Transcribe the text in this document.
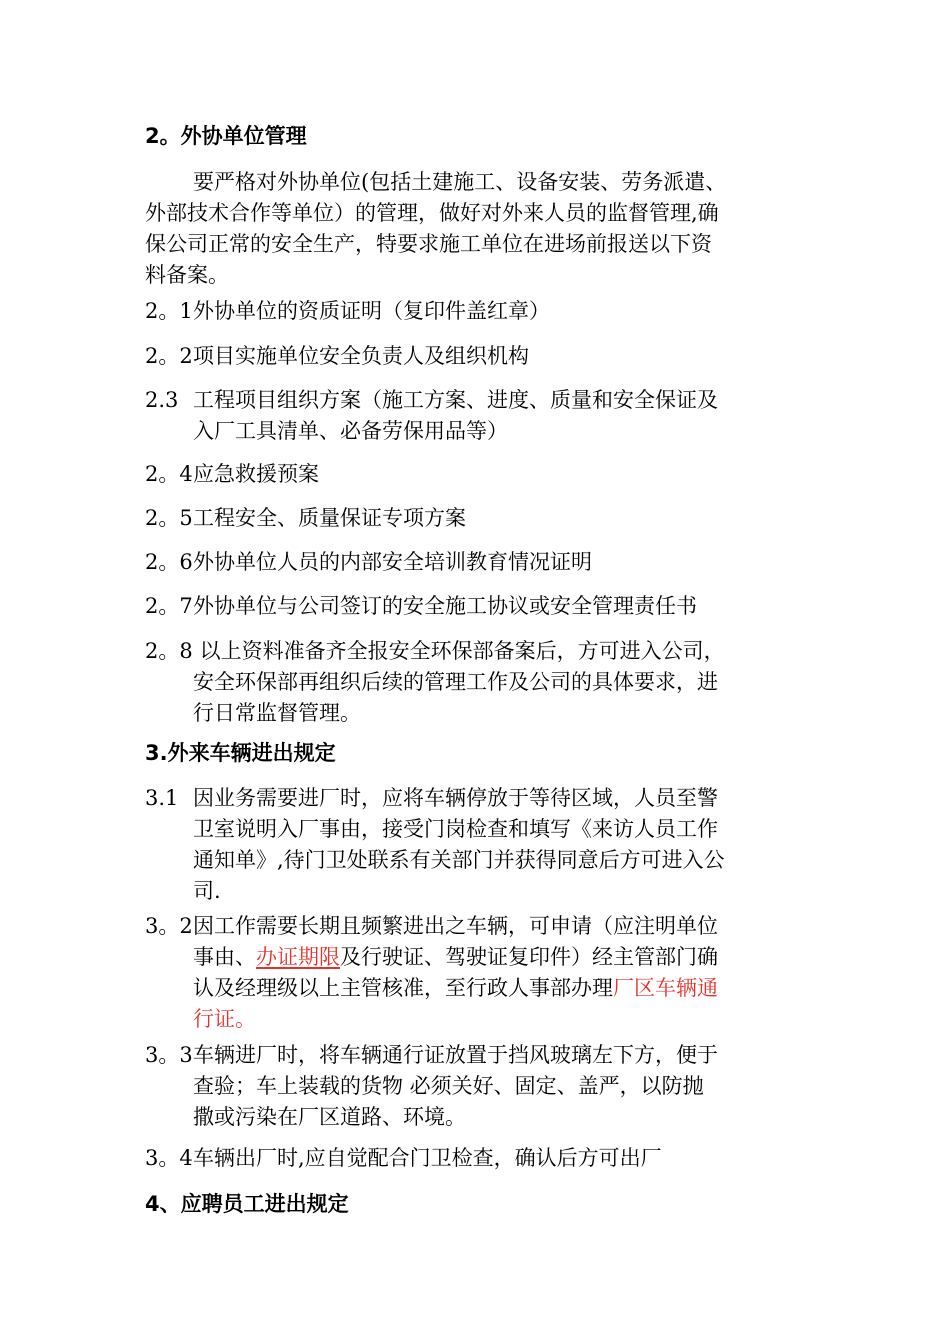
2。外协单位管理
要严格对外协单位(包括土建施工、设备安装、劳务派遣、
外部技术合作等单位）的管理，做好对外来人员的监督管理,确
保公司正常的安全生产，特要求施工单位在进场前报送以下资
料备案。
2。1外协单位的资质证明（复印件盖红章）
2。2项目实施单位安全负责人及组织机构
2.3 工程项目组织方案（施工方案、进度、质量和安全保证及
入厂工具清单、必备劳保用品等）
2。4应急救援预案
2。5工程安全、质量保证专项方案
2。6外协单位人员的内部安全培训教育情况证明
2。7外协单位与公司签订的安全施工协议或安全管理责任书
2。8 以上资料准备齐全报安全环保部备案后，方可进入公司，
安全环保部再组织后续的管理工作及公司的具体要求，进
行日常监督管理。
3.外来车辆进出规定
3.1 因业务需要进厂时，应将车辆停放于等待区域，人员至警
卫室说明入厂事由，接受门岗检查和填写《来访人员工作
通知单》,待门卫处联系有关部门并获得同意后方可进入公
司.
3。2因工作需要长期且频繁进出之车辆，可申请（应注明单位
事由、办证期限及行驶证、驾驶证复印件）经主管部门确
认及经理级以上主管核准，至行政人事部办理厂区车辆通
行证。
3。3车辆进厂时，将车辆通行证放置于挡风玻璃左下方，便于
查验；车上装载的货物 必须关好、固定、盖严，以防抛
撒或污染在厂区道路、环境。
3。4车辆出厂时,应自觉配合门卫检查，确认后方可出厂
4、应聘员工进出规定
